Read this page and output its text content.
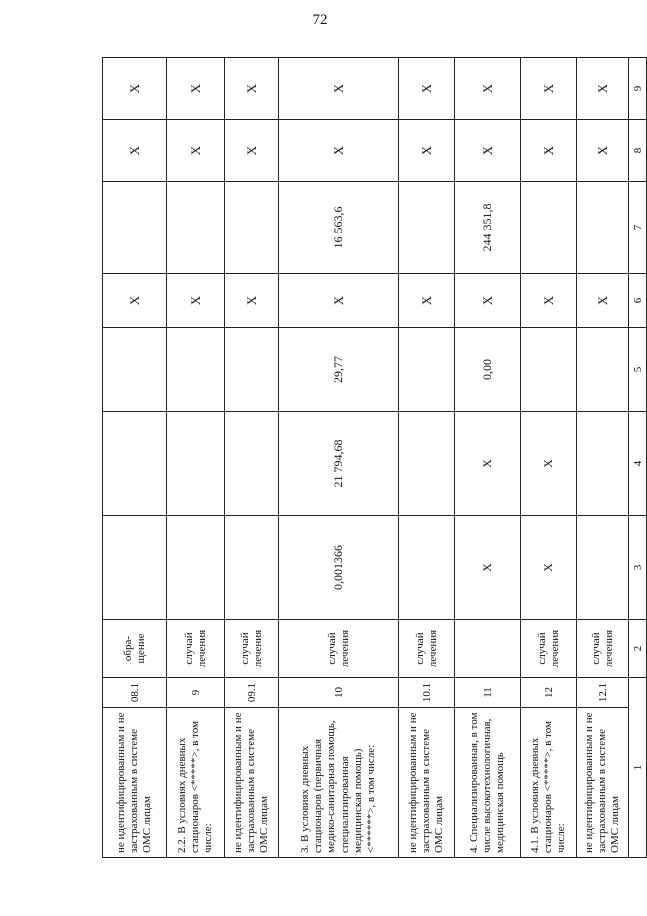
72
не идентифицированным и не застрахованным в системе ОМС лицам	08.1	обра-щение				Х		Х	Х
2.2. В условиях дневных стационаров <*****>, в том числе:	9	случай лечения				Х		Х	Х
не идентифицированным и не застрахованным в системе ОМС лицам	09.1	случай лечения				Х		Х	Х
3. В условиях дневных стационаров (первичная медико-санитарная помощь, специализированная медицинская помощь) <******>, в том числе:	10	случай лечения	0,001366	21 794,68	29,77	Х	16 563,6	Х	Х
не идентифицированным и не застрахованным в системе ОМС лицам	10.1	случай лечения				Х		Х	Х
4. Специализированная, в том числе высокотехнологичная, медицинская помощь	11		Х	Х	0,00	Х	244 351,8	Х	Х
4.1. В условиях дневных стационаров <*****>, в том числе:	12	случай лечения	Х	Х		Х		Х	Х
не идентифицированным и не застрахованным в системе ОМС лицам	12.1	случай лечения				Х		Х	Х
1		2	3	4	5	6	7	8	9
